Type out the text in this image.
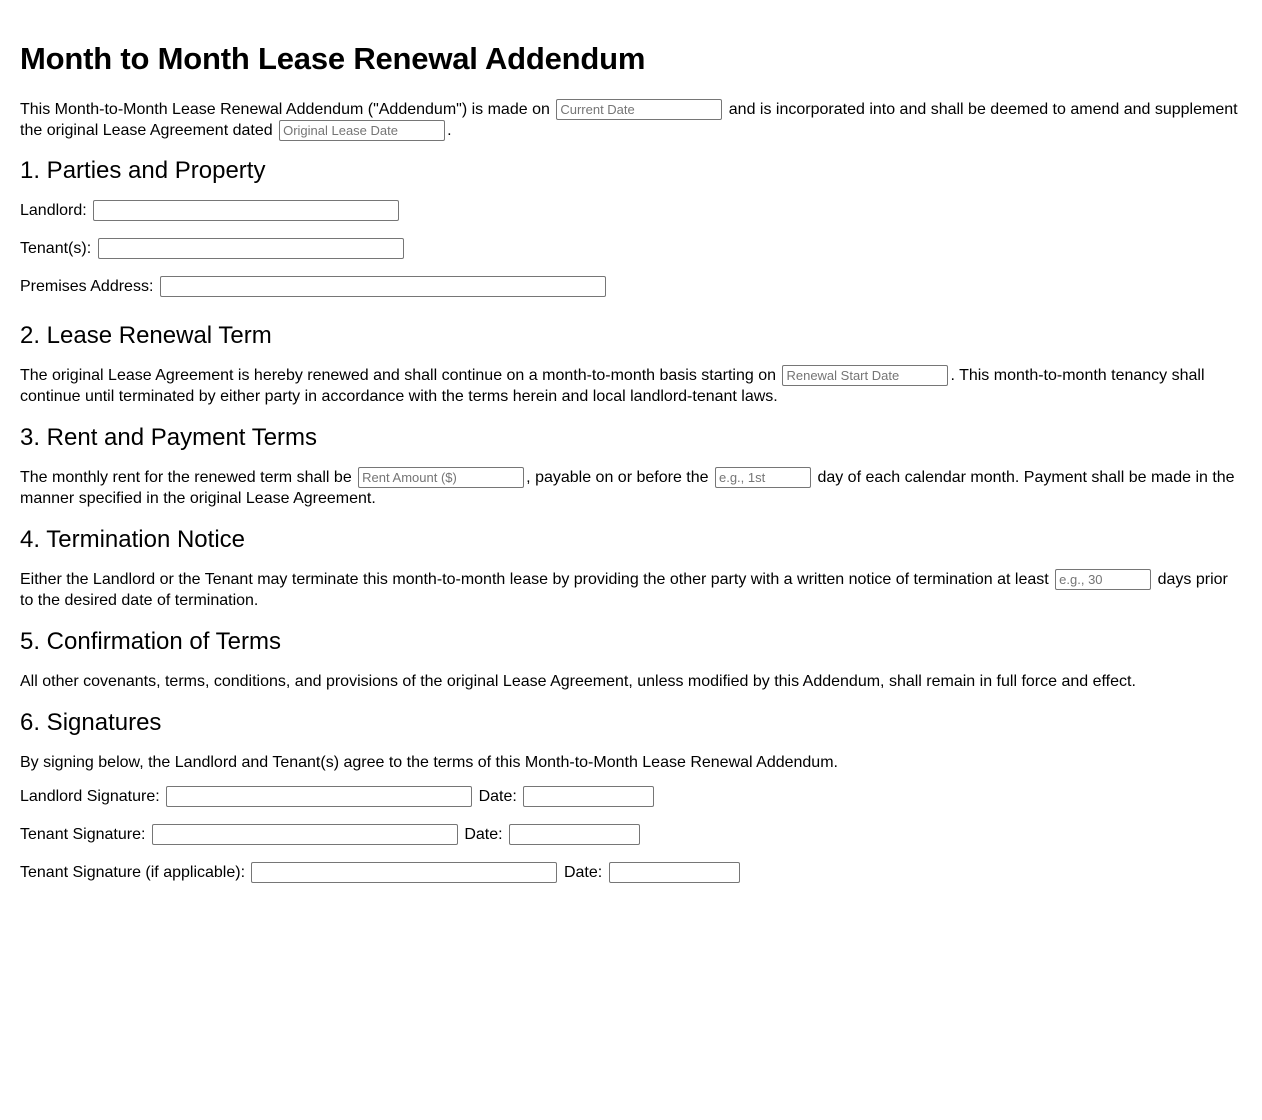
Month to Month Lease Renewal Addendum

This Month-to-Month Lease Renewal Addendum ("Addendum") is made on Current Date	and is incorporated into and shall be deemed to amend and supplement the original Lease Agreement dated Original Lease Date	.

1. Parties and Property
Landlord:
Tenant(s):
Premises Address:
2. Lease Renewal Term

The original Lease Agreement is hereby renewed and shall continue on a month-to-month basis starting on Renewal Start Date	. This month-to-month tenancy shall continue until terminated by either party in accordance with the terms herein and local landlord-tenant laws.

3. Rent and Payment Terms

The monthly rent for the renewed term shall be Rent Amount ($)	, payable on or before the e.g., 1st	day of each calendar month. Payment shall be made in the manner specified in the original Lease Agreement.

4. Termination Notice

Either the Landlord or the Tenant may terminate this month-to-month lease by providing the other party with a written notice of termination at least e.g., 30	days prior to the desired date of termination.

5. Confirmation of Terms

All other covenants, terms, conditions, and provisions of the original Lease Agreement, unless modified by this Addendum, shall remain in full force and effect.

6. Signatures

By signing below, the Landlord and Tenant(s) agree to the terms of this Month-to-Month Lease Renewal Addendum.

Landlord Signature:	Date:
Tenant Signature:	Date:
Tenant Signature (if applicable):	Date:
